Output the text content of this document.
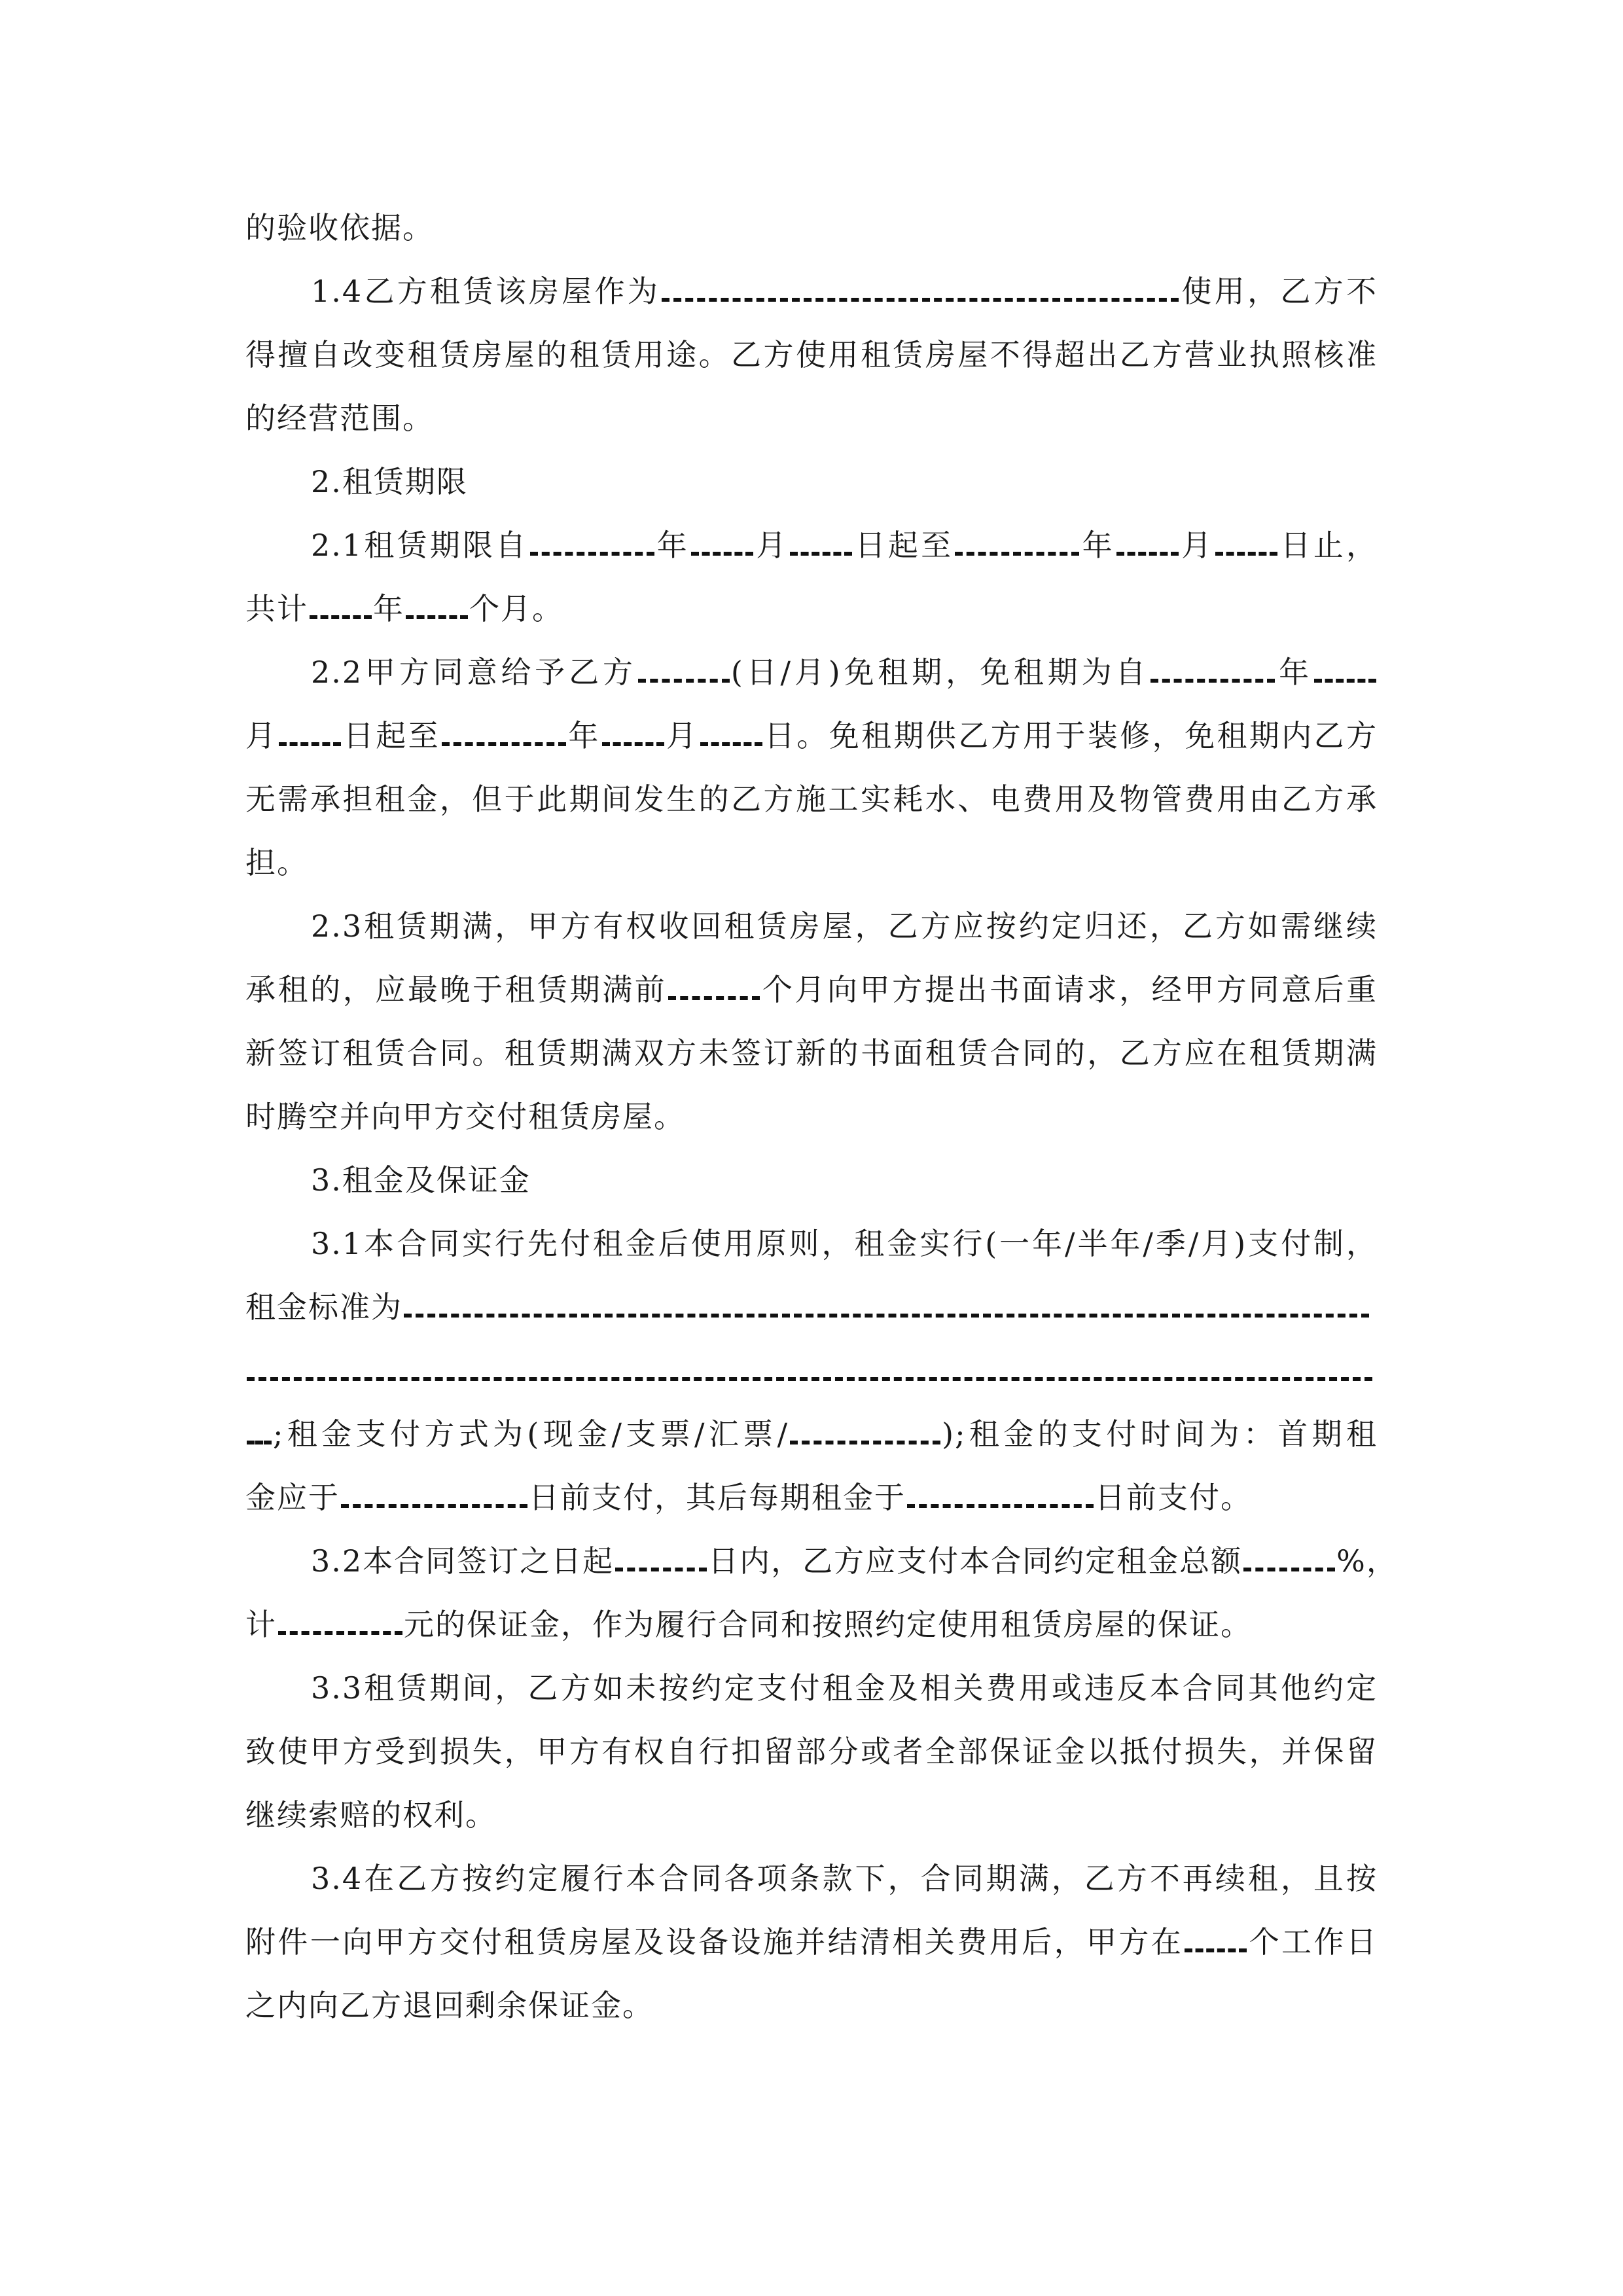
的验收依据。
1.4乙方租赁该房屋作为	使用，乙方不
得擅自改变租赁房屋的租赁用途。乙方使用租赁房屋不得超出乙方营业执照核准
的经营范围。
2.租赁期限
2.1租赁期限自	年 月 日起至	年 月 日止，
共计 年 个月。
2.2甲方同意给予乙方	(日/月)免租期，免租期为自	年
月 日起至	年 月 日。免租期供乙方用于装修，免租期内乙方
无需承担租金，但于此期间发生的乙方施工实耗水、电费用及物管费用由乙方承
担。
2.3租赁期满，甲方有权收回租赁房屋，乙方应按约定归还，乙方如需继续
承租的，应最晚于租赁期满前	个月向甲方提出书面请求，经甲方同意后重
新签订租赁合同。租赁期满双方未签订新的书面租赁合同的，乙方应在租赁期满
时腾空并向甲方交付租赁房屋。
3.租金及保证金
3.1本合同实行先付租金后使用原则，租金实行(一年/半年/季/月)支付制，
租金标准为
;租金支付方式为(现金/支票/汇票/	);租金的支付时间为：首期租
金应于	日前支付，其后每期租金于	日前支付。
3.2本合同签订之日起	日内，乙方应支付本合同约定租金总额	%，
计	元的保证金，作为履行合同和按照约定使用租赁房屋的保证。
3.3租赁期间，乙方如未按约定支付租金及相关费用或违反本合同其他约定
致使甲方受到损失，甲方有权自行扣留部分或者全部保证金以抵付损失，并保留
继续索赔的权利。
3.4在乙方按约定履行本合同各项条款下，合同期满，乙方不再续租，且按
附件一向甲方交付租赁房屋及设备设施并结清相关费用后，甲方在 个工作日
之内向乙方退回剩余保证金。
